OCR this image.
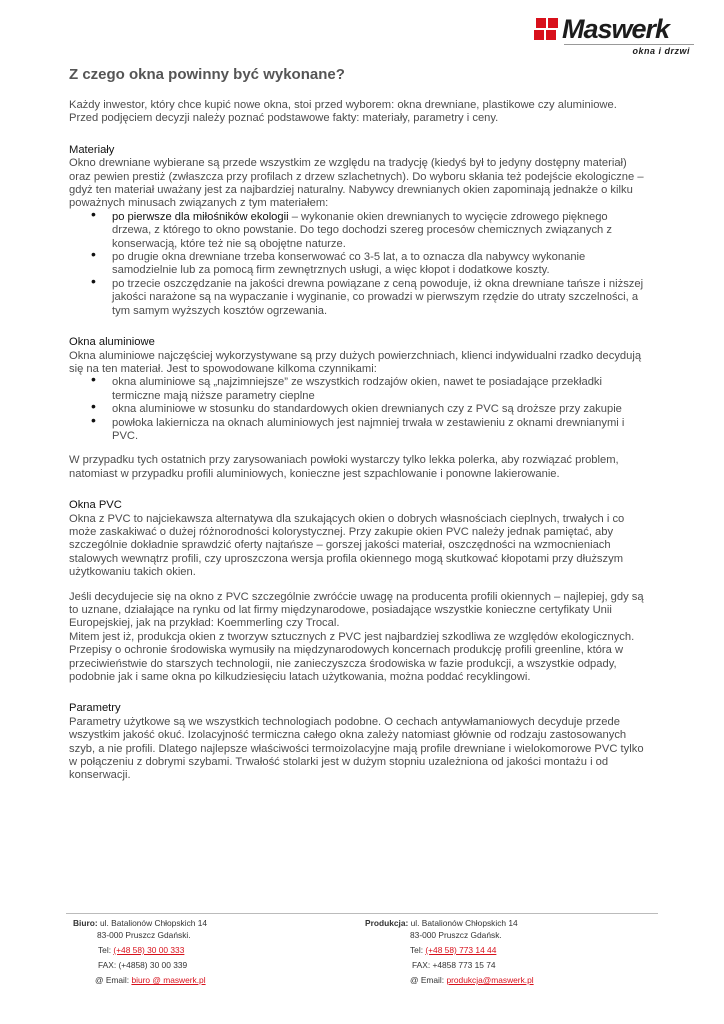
Maswerk
okna i drzwi
Z czego okna powinny być wykonane?

Każdy inwestor, który chce kupić nowe okna, stoi przed wyborem: okna drewniane, plastikowe czy aluminiowe. Przed podjęciem decyzji należy poznać podstawowe fakty: materiały, parametry i ceny.

Materiały

Okno drewniane wybierane są przede wszystkim ze względu na tradycję (kiedyś był to jedyny dostępny materiał) oraz pewien prestiż (zwłaszcza przy profilach z drzew szlachetnych). Do wyboru skłania też podejście ekologiczne – gdyż ten materiał uważany jest za najbardziej naturalny. Nabywcy drewnianych okien zapominają jednakże o kilku poważnych minusach związanych z tym materiałem:

• po pierwsze dla miłośników ekologii – wykonanie okien drewnianych to wycięcie zdrowego pięknego drzewa, z którego to okno powstanie. Do tego dochodzi szereg procesów chemicznych związanych z konserwacją, które też nie są obojętne naturze.
• po drugie okna drewniane trzeba konserwować co 3-5 lat, a to oznacza dla nabywcy wykonanie samodzielnie lub za pomocą firm zewnętrznych usługi, a więc kłopot i dodatkowe koszty.
• po trzecie oszczędzanie na jakości drewna powiązane z ceną powoduje, iż okna drewniane tańsze i niższej jakości narażone są na wypaczanie i wyginanie, co prowadzi w pierwszym rzędzie do utraty szczelności, a tym samym wyższych kosztów ogrzewania.
Okna aluminiowe

Okna aluminiowe najczęściej wykorzystywane są przy dużych powierzchniach, klienci indywidualni rzadko decydują się na ten materiał. Jest to spowodowane kilkoma czynnikami:

• okna aluminiowe są „najzimniejsze” ze wszystkich rodzajów okien, nawet te posiadające przekładki termiczne mają niższe parametry cieplne
• okna aluminiowe w stosunku do standardowych okien drewnianych czy z PVC są droższe przy zakupie
• powłoka lakiernicza na oknach aluminiowych jest najmniej trwała w zestawieniu z oknami drewnianymi i PVC.

W przypadku tych ostatnich przy zarysowaniach powłoki wystarczy tylko lekka polerka, aby rozwiązać problem, natomiast w przypadku profili aluminiowych, konieczne jest szpachlowanie i ponowne lakierowanie.

Okna PVC

Okna z PVC to najciekawsza alternatywa dla szukających okien o dobrych własnościach cieplnych, trwałych i co może zaskakiwać o dużej różnorodności kolorystycznej. Przy zakupie okien PVC należy jednak pamiętać, aby szczególnie dokładnie sprawdzić oferty najtańsze – gorszej jakości materiał, oszczędności na wzmocnieniach stalowych wewnątrz profili, czy uproszczona wersja profila okiennego mogą skutkować kłopotami przy dłuższym użytkowaniu takich okien.

Jeśli decydujecie się na okno z PVC szczególnie zwróćcie uwagę na producenta profili okiennych – najlepiej, gdy są to uznane, działające na rynku od lat firmy międzynarodowe, posiadające wszystkie konieczne certyfikaty Unii Europejskiej, jak na przykład: Koemmerling czy Trocal.

Mitem jest iż, produkcja okien z tworzyw sztucznych z PVC jest najbardziej szkodliwa ze względów ekologicznych. Przepisy o ochronie środowiska wymusiły na międzynarodowych koncernach produkcję profili greenline, która w przeciwieństwie do starszych technologii, nie zanieczyszcza środowiska w fazie produkcji, a wszystkie odpady, podobnie jak i same okna po kilkudziesięciu latach użytkowania, można poddać recyklingowi.

Parametry

Parametry użytkowe są we wszystkich technologiach podobne. O cechach antywłamaniowych decyduje przede wszystkim jakość okuć. Izolacyjność termiczna całego okna zależy natomiast głównie od rodzaju zastosowanych szyb, a nie profili. Dlatego najlepsze właściwości termoizolacyjne mają profile drewniane i wielokomorowe PVC tylko w połączeniu z dobrymi szybami. Trwałość stolarki jest w dużym stopniu uzależniona od jakości montażu i od konserwacji.

Biuro: ul. Batalionów Chłopskich 14
83-000 Pruszcz Gdański.
Tel: (+48 58) 30 00 333
FAX: (+4858) 30 00 339
@ Email: biuro @ maswerk.pl
Produkcja: ul. Batalionów Chłopskich 14
83-000 Pruszcz Gdańsk.
Tel: (+48 58) 773 14 44
FAX: +4858 773 15 74
@ Email: produkcja@maswerk.pl
